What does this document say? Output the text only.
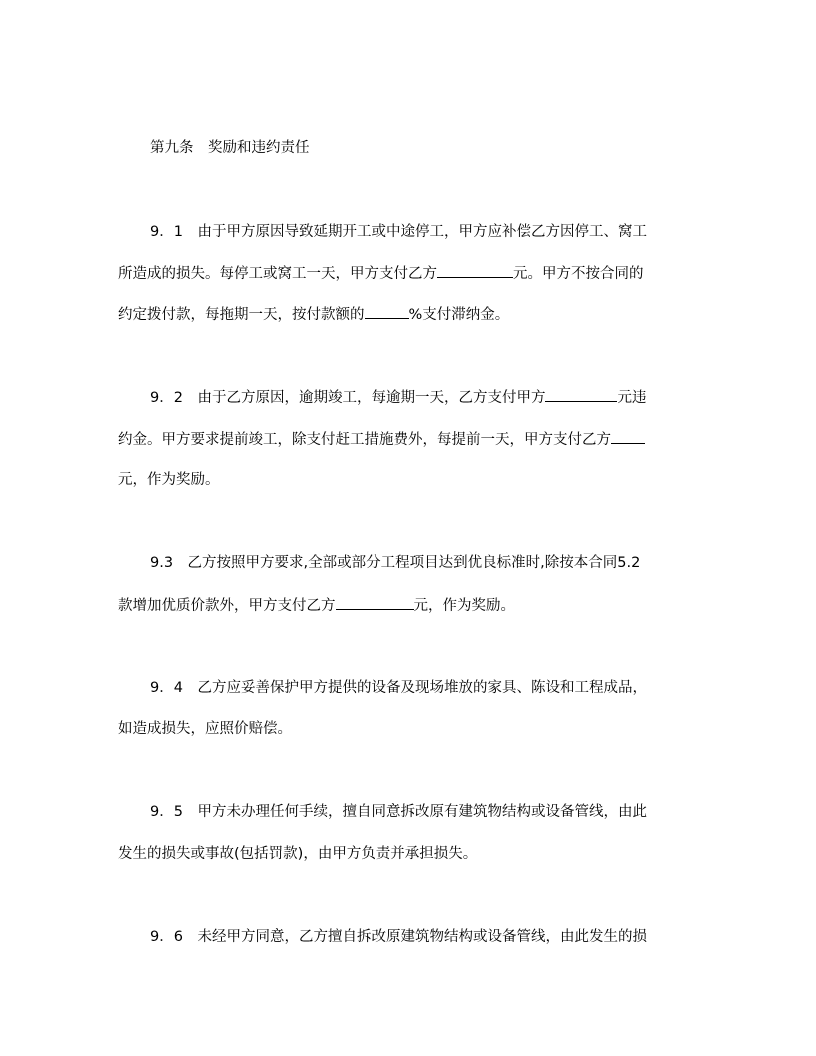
第九条　奖励和违约责任
9．1　由于甲方原因导致延期开工或中途停工，甲方应补偿乙方因停工、窝工
所造成的损失。每停工或窝工一天，甲方支付乙方	元。甲方不按合同的
约定拨付款，每拖期一天，按付款额的	%支付滞纳金。
9．2　由于乙方原因，逾期竣工，每逾期一天，乙方支付甲方	元违
约金。甲方要求提前竣工，除支付赶工措施费外，每提前一天，甲方支付乙方
元，作为奖励。
9.3　乙方按照甲方要求,全部或部分工程项目达到优良标准时,除按本合同5.2
款增加优质价款外，甲方支付乙方	元，作为奖励。
9．4　乙方应妥善保护甲方提供的设备及现场堆放的家具、陈设和工程成品，
如造成损失，应照价赔偿。
9．5　甲方未办理任何手续，擅自同意拆改原有建筑物结构或设备管线，由此
发生的损失或事故(包括罚款)，由甲方负责并承担损失。
9．6　未经甲方同意，乙方擅自拆改原建筑物结构或设备管线，由此发生的损
